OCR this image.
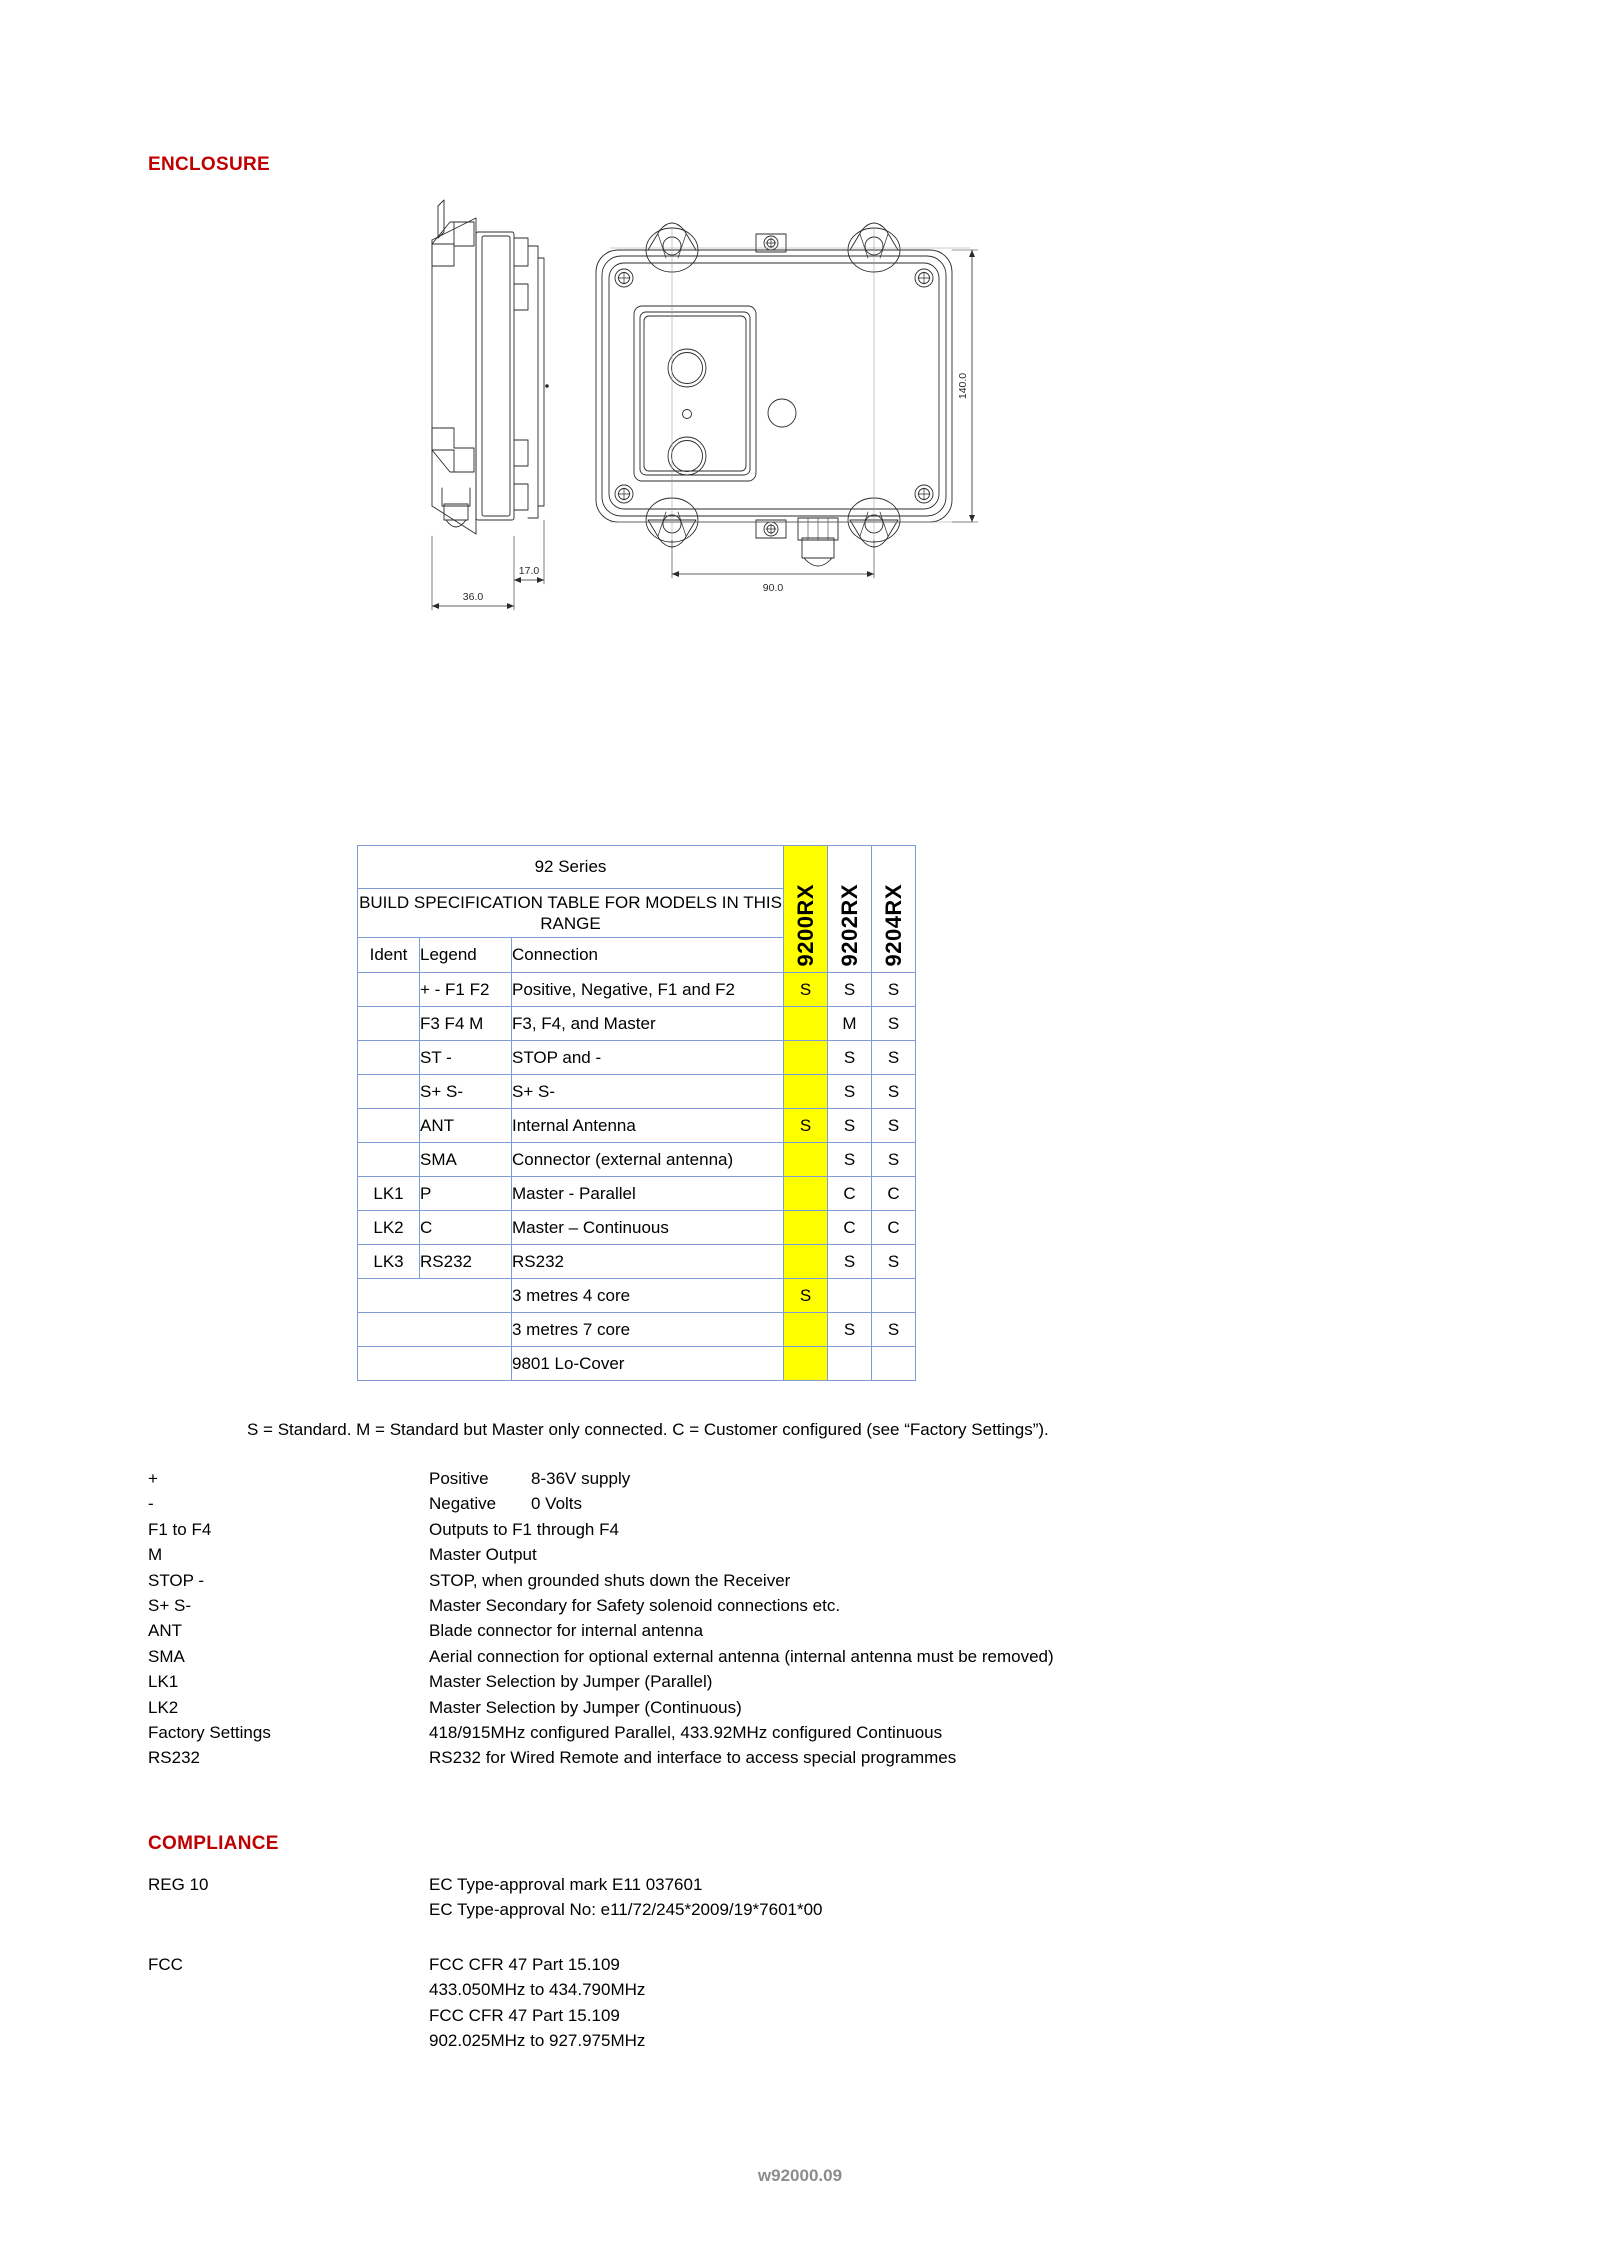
ENCLOSURE
17.0
36.0
140.0
90.0
92 Series			9200RX	9202RX	9204RX
BUILD SPECIFICATION TABLE FOR MODELS IN THIS RANGE					
Ident	Legend	Connection			
	+ - F1 F2	Positive, Negative, F1 and F2	S	S	S
	F3 F4 M	F3, F4, and Master		M	S
	ST -	STOP and -		S	S
	S+ S-	S+ S-		S	S
	ANT	Internal Antenna	S	S	S
	SMA	Connector (external antenna)		S	S
LK1	P	Master - Parallel		C	C
LK2	C	Master – Continuous		C	C
LK3	RS232	RS232		S	S
		3 metres 4 core	S		
		3 metres 7 core		S	S
		9801 Lo-Cover			
S = Standard. M = Standard but Master only connected. C = Customer configured (see “Factory Settings”).
+	Positive	8-36V supply
-	Negative	0 Volts
F1 to F4	Outputs to F1 through F4
M	Master Output
STOP -	STOP, when grounded shuts down the Receiver
S+ S-	Master Secondary for Safety solenoid connections etc.
ANT	Blade connector for internal antenna
SMA	Aerial connection for optional external antenna (internal antenna must be removed)
LK1	Master Selection by Jumper (Parallel)
LK2	Master Selection by Jumper (Continuous)
Factory Settings	418/915MHz configured Parallel, 433.92MHz configured Continuous
RS232	RS232 for Wired Remote and interface to access special programmes
COMPLIANCE
REG 10	EC Type-approval mark E11 037601
EC Type-approval No: e11/72/245*2009/19*7601*00
FCC	FCC CFR 47 Part 15.109
433.050MHz to 434.790MHz
FCC CFR 47 Part 15.109
902.025MHz to 927.975MHz
w92000.09
